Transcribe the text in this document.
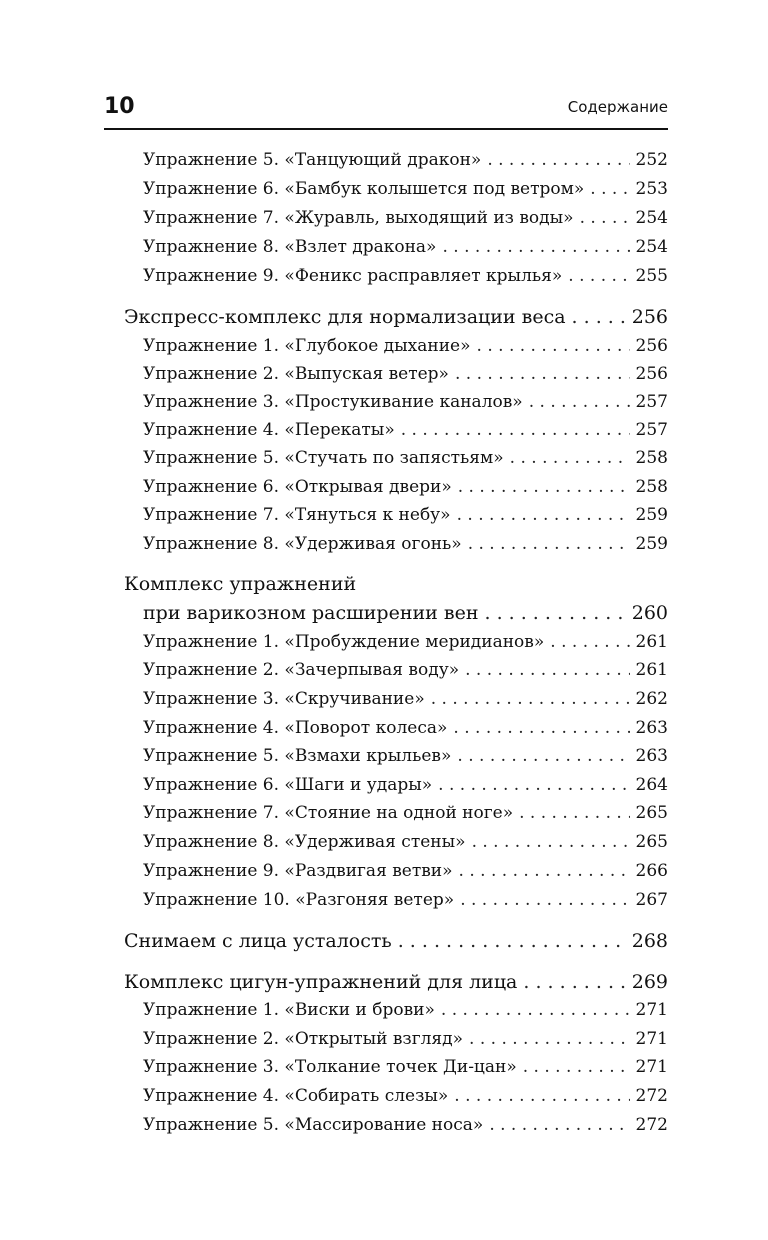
10	Содержание
Упражнение 5. «Танцующий дракон» . . .	252
Упражнение 6. «Бамбук колышется под ветром» . . .	253
Упражнение 7. «Журавль, выходящий из воды» . . .	254
Упражнение 8. «Взлет дракона» . . .	254
Упражнение 9. «Феникс расправляет крылья» . . .	255
Экспресс-комплекс для нормализации веса . . .	256
Упражнение 1. «Глубокое дыхание» . . .	256
Упражнение 2. «Выпуская ветер» . . .	256
Упражнение 3. «Простукивание каналов» . . .	257
Упражнение 4. «Перекаты» . . .	257
Упражнение 5. «Стучать по запястьям» . . .	258
Упражнение 6. «Открывая двери» . . .	258
Упражнение 7. «Тянуться к небу» . . .	259
Упражнение 8. «Удерживая огонь» . . .	259
Комплекс упражнений
при варикозном расширении вен . . .	260
Упражнение 1. «Пробуждение меридианов» . . .	261
Упражнение 2. «Зачерпывая воду» . . .	261
Упражнение 3. «Скручивание» . . .	262
Упражнение 4. «Поворот колеса» . . .	263
Упражнение 5. «Взмахи крыльев» . . .	263
Упражнение 6. «Шаги и удары» . . .	264
Упражнение 7. «Стояние на одной ноге» . . .	265
Упражнение 8. «Удерживая стены» . . .	265
Упражнение 9. «Раздвигая ветви» . . .	266
Упражнение 10. «Разгоняя ветер» . . .	267
Снимаем с лица усталость . . .	268
Комплекс цигун-упражнений для лица . . .	269
Упражнение 1. «Виски и брови» . . .	271
Упражнение 2. «Открытый взгляд» . . .	271
Упражнение 3. «Толкание точек Ди-цан» . . .	271
Упражнение 4. «Собирать слезы» . . .	272
Упражнение 5. «Массирование носа» . . .	272
